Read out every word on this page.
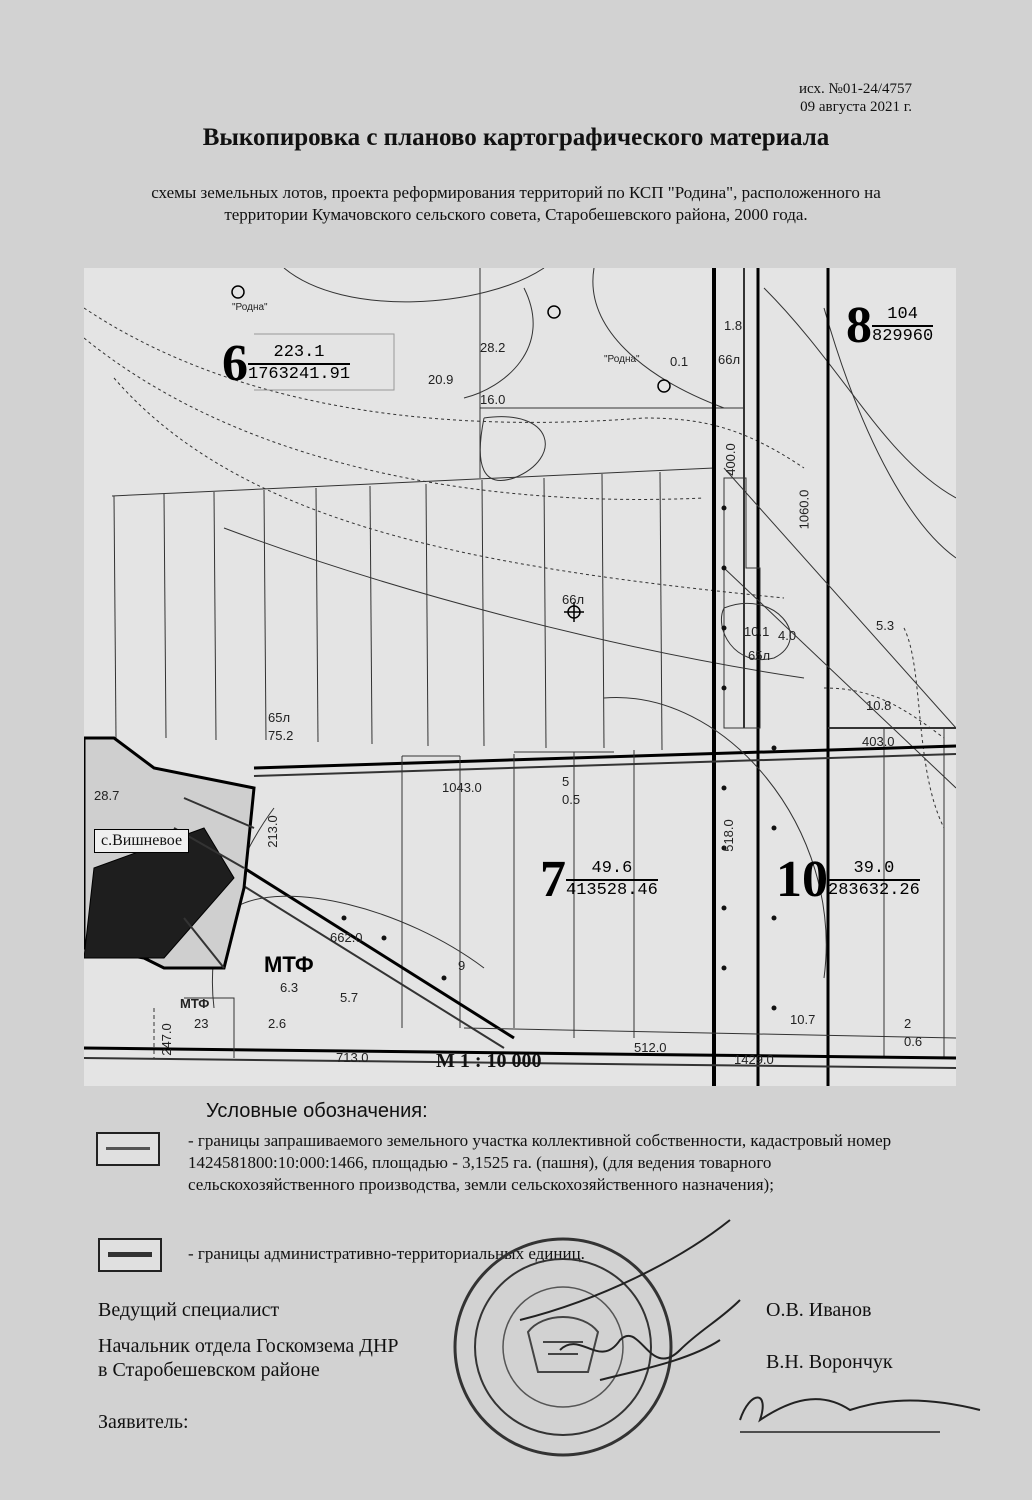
исх. №01-24/4757
09 августа 2021 г.
Выкопировка с планово картографического материала
схемы земельных лотов, проекта реформирования территорий по КСП "Родина", расположенного на территории Кумачовского сельского совета, Старобешевского района, 2000 года.
$6 \frac{223.1}{1763241.91}$
$8 \frac{104}{829960}$
$7 \frac{49.6}{413528.46} 10 \frac{39.0}{283632.26}$
МТФ
МТФ
28.2
20.9
16.0
0.1 66л
65л
75.2
1043.0	5
0.5
662.0
6.3
5.7
9
512.0
1429.0
403.0
10.8
5.3
10.1 4.0
10.7	2
0.6
213.0
28.7
247.0
713.0
2.6
23
518.0
1060.0
400.0
1.8
65л
66л
"Родна"
"Родна"
с.Вишневое
М 1 : 10 000
Условные обозначения:
- границы запрашиваемого земельного участка коллективной собственности, кадастровый номер 1424581800:10:000:1466, площадью - 3,1525 га. (пашня), (для ведения товарного сельскохозяйственного производства, земли сельскохозяйственного назначения);
- границы административно-территориальных единиц.
Ведущий специалист	О.В. Иванов
Начальник отдела Госкомзема ДНР
в Старобешевском районе	В.Н. Ворончук
Заявитель:
